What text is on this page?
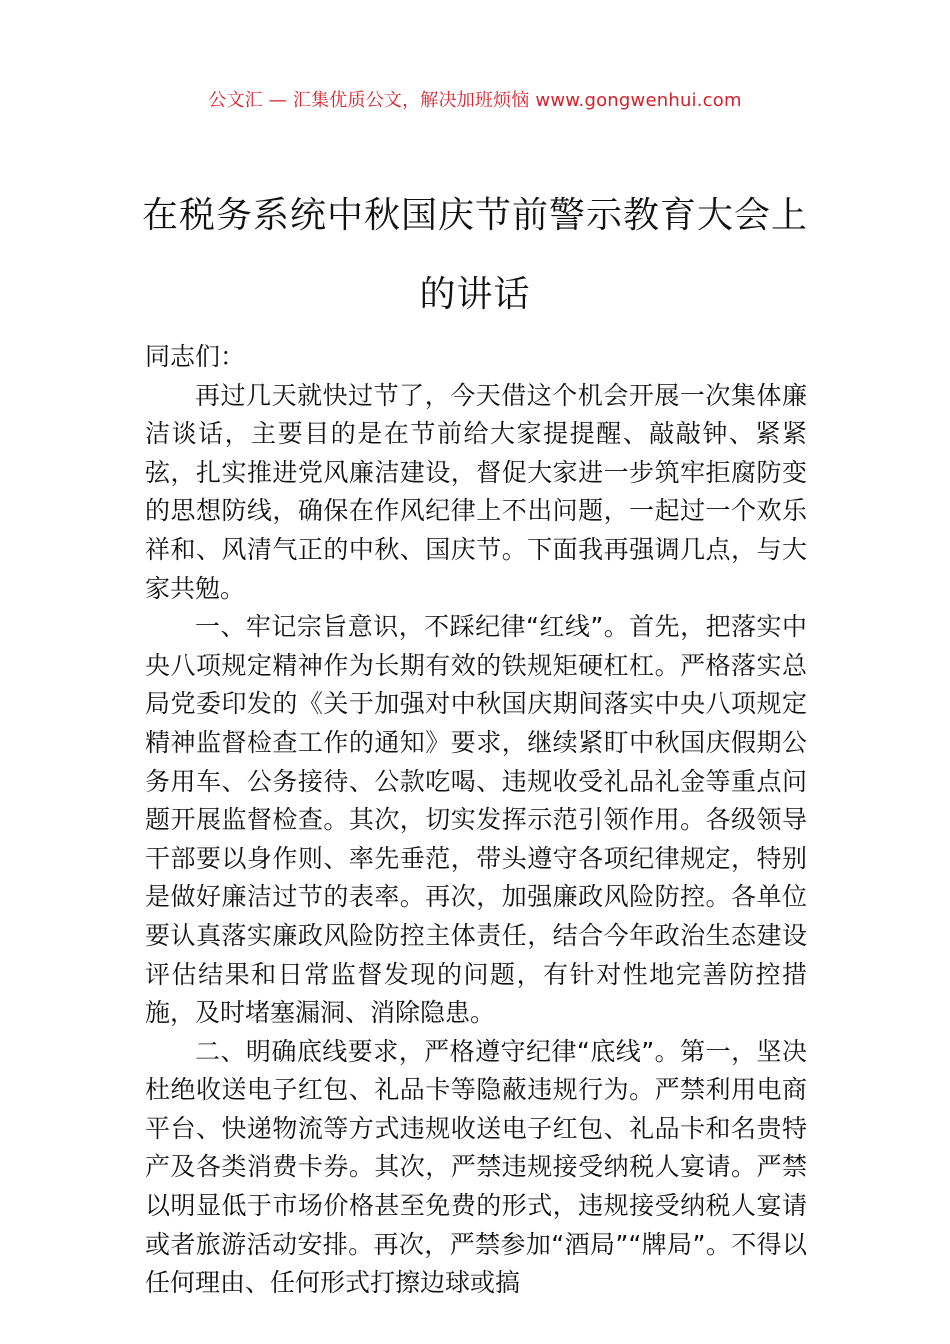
公文汇 — 汇集优质公文，解决加班烦恼 www.gongwenhui.com
在税务系统中秋国庆节前警示教育大会上的讲话

同志们：

再过几天就快过节了，今天借这个机会开展一次集体廉洁谈话，主要目的是在节前给大家提提醒、敲敲钟、紧紧弦，扎实推进党风廉洁建设，督促大家进一步筑牢拒腐防变的思想防线，确保在作风纪律上不出问题，一起过一个欢乐祥和、风清气正的中秋、国庆节。下面我再强调几点，与大家共勉。

一、牢记宗旨意识，不踩纪律“红线”。首先，把落实中央八项规定精神作为长期有效的铁规矩硬杠杠。严格落实总局党委印发的《关于加强对中秋国庆期间落实中央八项规定精神监督检查工作的通知》要求，继续紧盯中秋国庆假期公务用车、公务接待、公款吃喝、违规收受礼品礼金等重点问题开展监督检查。其次，切实发挥示范引领作用。各级领导干部要以身作则、率先垂范，带头遵守各项纪律规定，特别是做好廉洁过节的表率。再次，加强廉政风险防控。各单位要认真落实廉政风险防控主体责任，结合今年政治生态建设评估结果和日常监督发现的问题，有针对性地完善防控措施，及时堵塞漏洞、消除隐患。

二、明确底线要求，严格遵守纪律“底线”。第一，坚决杜绝收送电子红包、礼品卡等隐蔽违规行为。严禁利用电商平台、快递物流等方式违规收送电子红包、礼品卡和名贵特产及各类消费卡券。其次，严禁违规接受纳税人宴请。严禁以明显低于市场价格甚至免费的形式，违规接受纳税人宴请或者旅游活动安排。再次，严禁参加“酒局”“牌局”。不得以任何理由、任何形式打擦边球或搞
